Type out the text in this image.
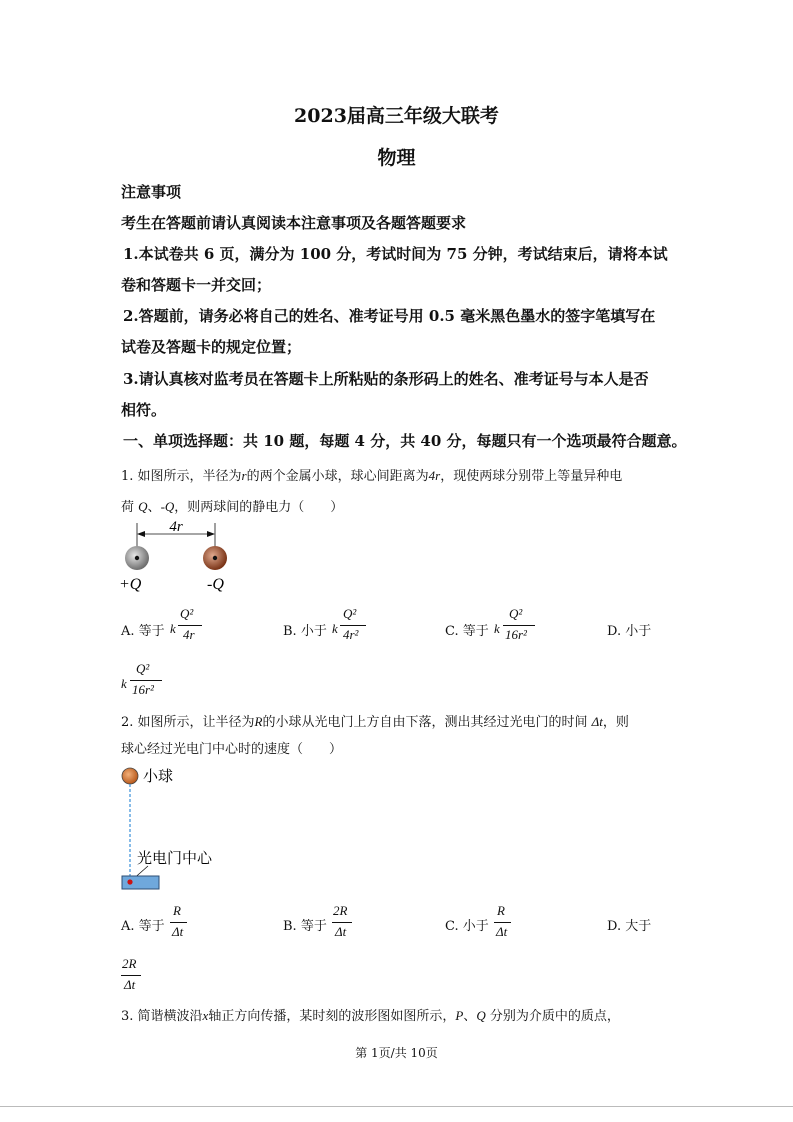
2023届高三年级大联考
物理
注意事项
考生在答题前请认真阅读本注意事项及各题答题要求
1.本试卷共 6 页，满分为 100 分，考试时间为 75 分钟，考试结束后，请将本试
卷和答题卡一并交回；
2.答题前，请务必将自己的姓名、准考证号用 0.5 毫米黑色墨水的签字笔填写在
试卷及答题卡的规定位置；
3.请认真核对监考员在答题卡上所粘贴的条形码上的姓名、准考证号与本人是否
相符。
一、单项选择题：共 10 题，每题 4 分，共 40 分，每题只有一个选项最符合题意。
1. 如图所示，半径为r的两个金属小球，球心间距离为4r，现使两球分别带上等量异种电
荷 Q、-Q，则两球间的静电力（　　）
4r
+Q	-Q
A. 等于 k
Q²
4r	B. 小于 k
Q²
4r²	C. 等于 k
Q²
16r²	D. 小于
k
Q²
16r²
2. 如图所示，让半径为R的小球从光电门上方自由下落，测出其经过光电门的时间 Δt，则
球心经过光电门中心时的速度（　　）
小球
光电门中心
A. 等于
R
Δt	B. 等于
2R
Δt	C. 小于
R
Δt	D. 大于
2R
Δt
3. 简谐横波沿x轴正方向传播，某时刻的波形图如图所示，P、Q 分别为介质中的质点，
第 1页/共 10页
